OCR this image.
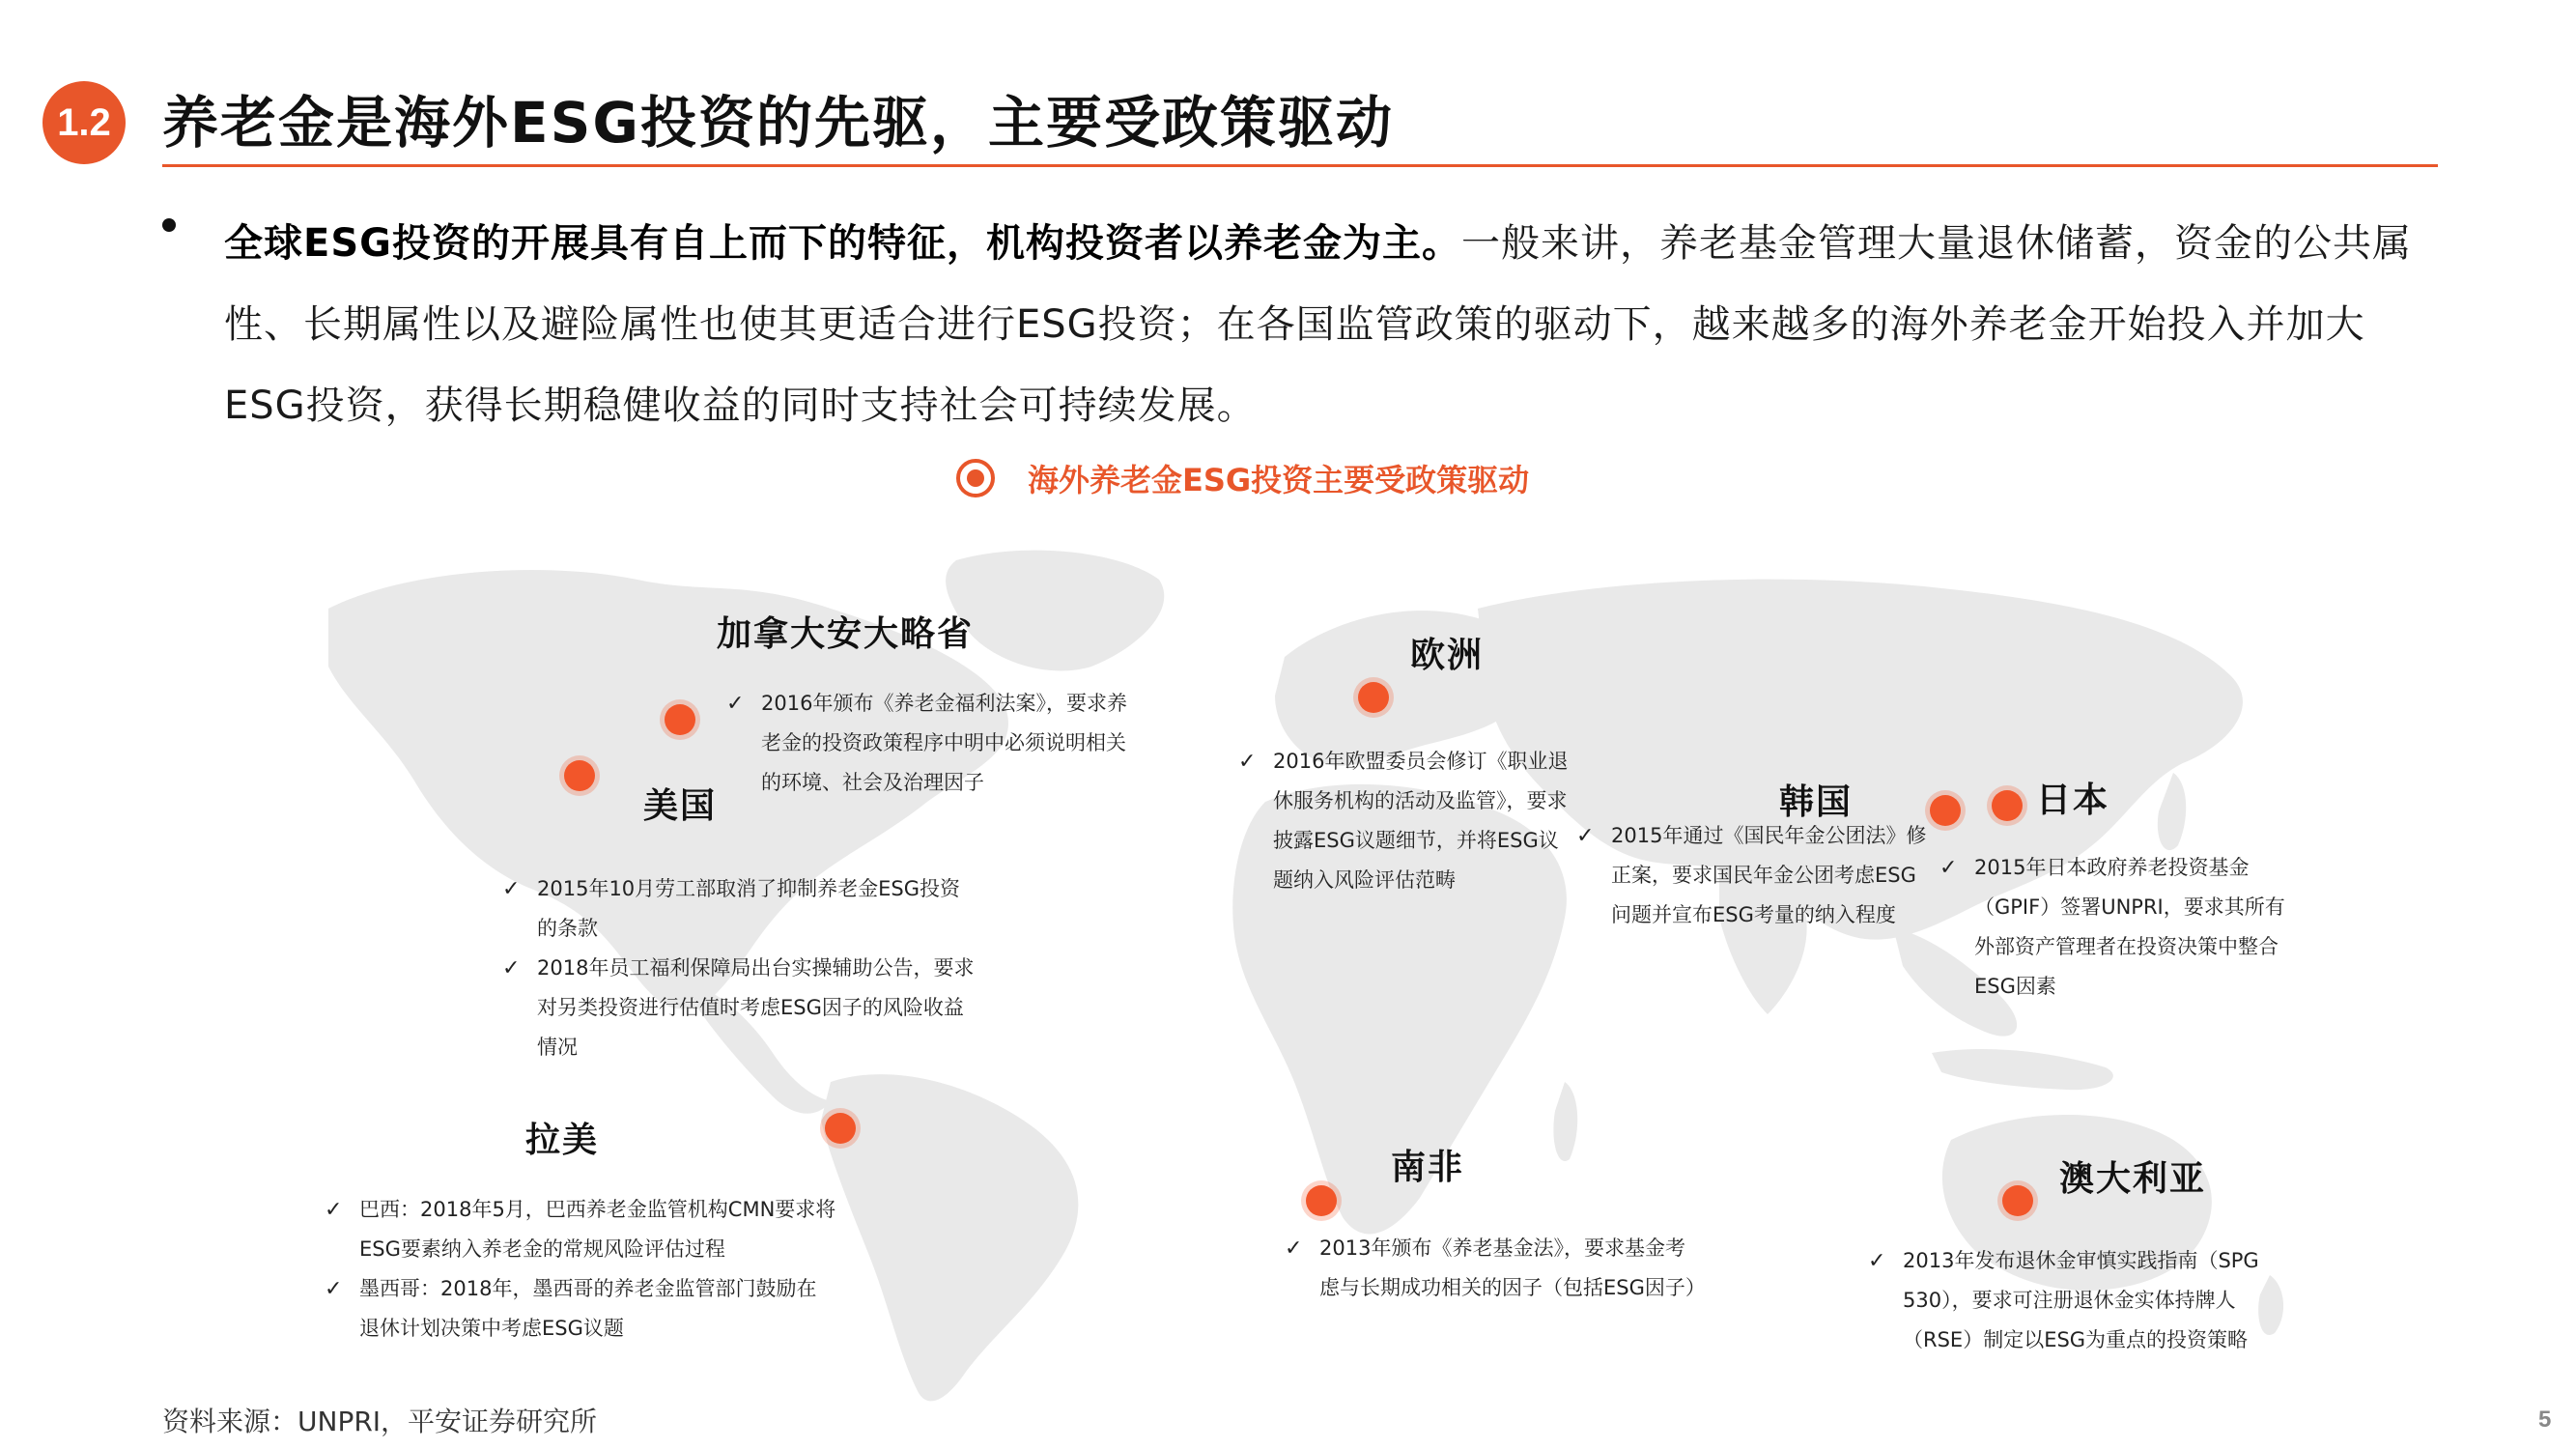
1.2 养老金是海外ESG投资的先驱，主要受政策驱动
全球ESG投资的开展具有自上而下的特征，机构投资者以养老金为主。一般来讲，养老基金管理大量退休储蓄，资金的公共属性、长期属性以及避险属性也使其更适合进行ESG投资；在各国监管政策的驱动下，越来越多的海外养老金开始投入并加大ESG投资，获得长期稳健收益的同时支持社会可持续发展。
海外养老金ESG投资主要受政策驱动
加拿大安大略省
✓ 2016年颁布《养老金福利法案》，要求养老金的投资政策程序中明中必须说明相关的环境、社会及治理因子
美国
✓ 2015年10月劳工部取消了抑制养老金ESG投资的条款
✓ 2018年员工福利保障局出台实操辅助公告，要求对另类投资进行估值时考虑ESG因子的风险收益情况
欧洲
✓ 2016年欧盟委员会修订《职业退休服务机构的活动及监管》，要求披露ESG议题细节，并将ESG议题纳入风险评估范畴
韩国
✓ 2015年通过《国民年金公团法》修正案，要求国民年金公团考虑ESG问题并宣布ESG考量的纳入程度
日本
✓ 2015年日本政府养老投资基金（GPIF）签署UNPRI，要求其所有外部资产管理者在投资决策中整合ESG因素
拉美
✓ 巴西：2018年5月，巴西养老金监管机构CMN要求将ESG要素纳入养老金的常规风险评估过程
✓ 墨西哥：2018年，墨西哥的养老金监管部门鼓励在退休计划决策中考虑ESG议题
南非
✓ 2013年颁布《养老基金法》，要求基金考虑与长期成功相关的因子（包括ESG因子）
澳大利亚
✓ 2013年发布退休金审慎实践指南（SPG 530），要求可注册退休金实体持牌人（RSE）制定以ESG为重点的投资策略
资料来源：UNPRI，平安证券研究所	5
